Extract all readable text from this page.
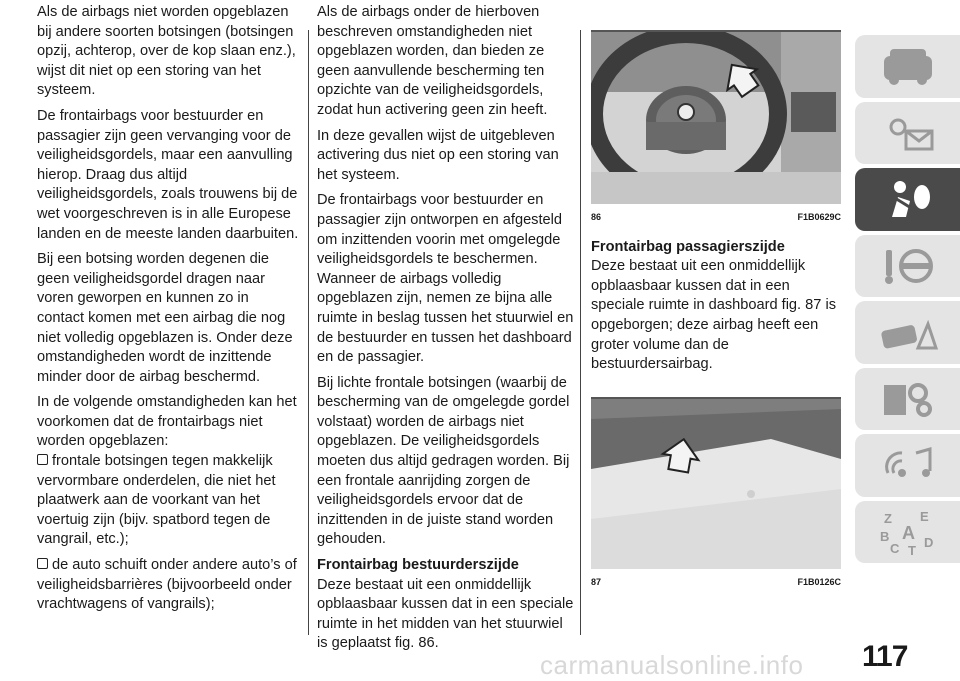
Als de airbags niet worden opgeblazen bij andere soorten botsingen (botsingen opzij, achterop, over de kop slaan enz.), wijst dit niet op een storing van het systeem.

De frontairbags voor bestuurder en passagier zijn geen vervanging voor de veiligheidsgordels, maar een aanvulling hierop. Draag dus altijd veiligheidsgordels, zoals trouwens bij de wet voorgeschreven is in alle Europese landen en de meeste landen daarbuiten.

Bij een botsing worden degenen die geen veiligheidsgordel dragen naar voren geworpen en kunnen zo in contact komen met een airbag die nog niet volledig opgeblazen is. Onder deze omstandigheden wordt de inzittende minder door de airbag beschermd.

In de volgende omstandigheden kan het voorkomen dat de frontairbags niet worden opgeblazen:

frontale botsingen tegen makkelijk vervormbare onderdelen, die niet het plaatwerk aan de voorkant van het voertuig zijn (bijv. spatbord tegen de vangrail, etc.);

de auto schuift onder andere auto’s of veiligheidsbarrières (bijvoorbeeld onder vrachtwagens of vangrails);

Als de airbags onder de hierboven beschreven omstandigheden niet opgeblazen worden, dan bieden ze geen aanvullende bescherming ten opzichte van de veiligheidsgordels, zodat hun activering geen zin heeft.

In deze gevallen wijst de uitgebleven activering dus niet op een storing van het systeem.

De frontairbags voor bestuurder en passagier zijn ontworpen en afgesteld om inzittenden voorin met omgelegde veiligheidsgordels te beschermen. Wanneer de airbags volledig opgeblazen zijn, nemen ze bijna alle ruimte in beslag tussen het stuurwiel en de bestuurder en tussen het dashboard en de passagier.

Bij lichte frontale botsingen (waarbij de bescherming van de omgelegde gordel volstaat) worden de airbags niet opgeblazen. De veiligheidsgordels moeten dus altijd gedragen worden. Bij een frontale aanrijding zorgen de veiligheidsgordels ervoor dat de inzittenden in de juiste stand worden gehouden.

Frontairbag bestuurderszijde

Deze bestaat uit een onmiddellijk opblaasbaar kussen dat in een speciale ruimte in het midden van het stuurwiel is geplaatst fig. 86.

86	F1B0629C
Frontairbag passagierszijde

Deze bestaat uit een onmiddellijk opblaasbaar kussen dat in een speciale ruimte in dashboard fig. 87 is opgeborgen; deze airbag heeft een groter volume dan de bestuurdersairbag.

87	F1B0126C
Z E
A
B
C T
D
carmanualsonline.info 117
